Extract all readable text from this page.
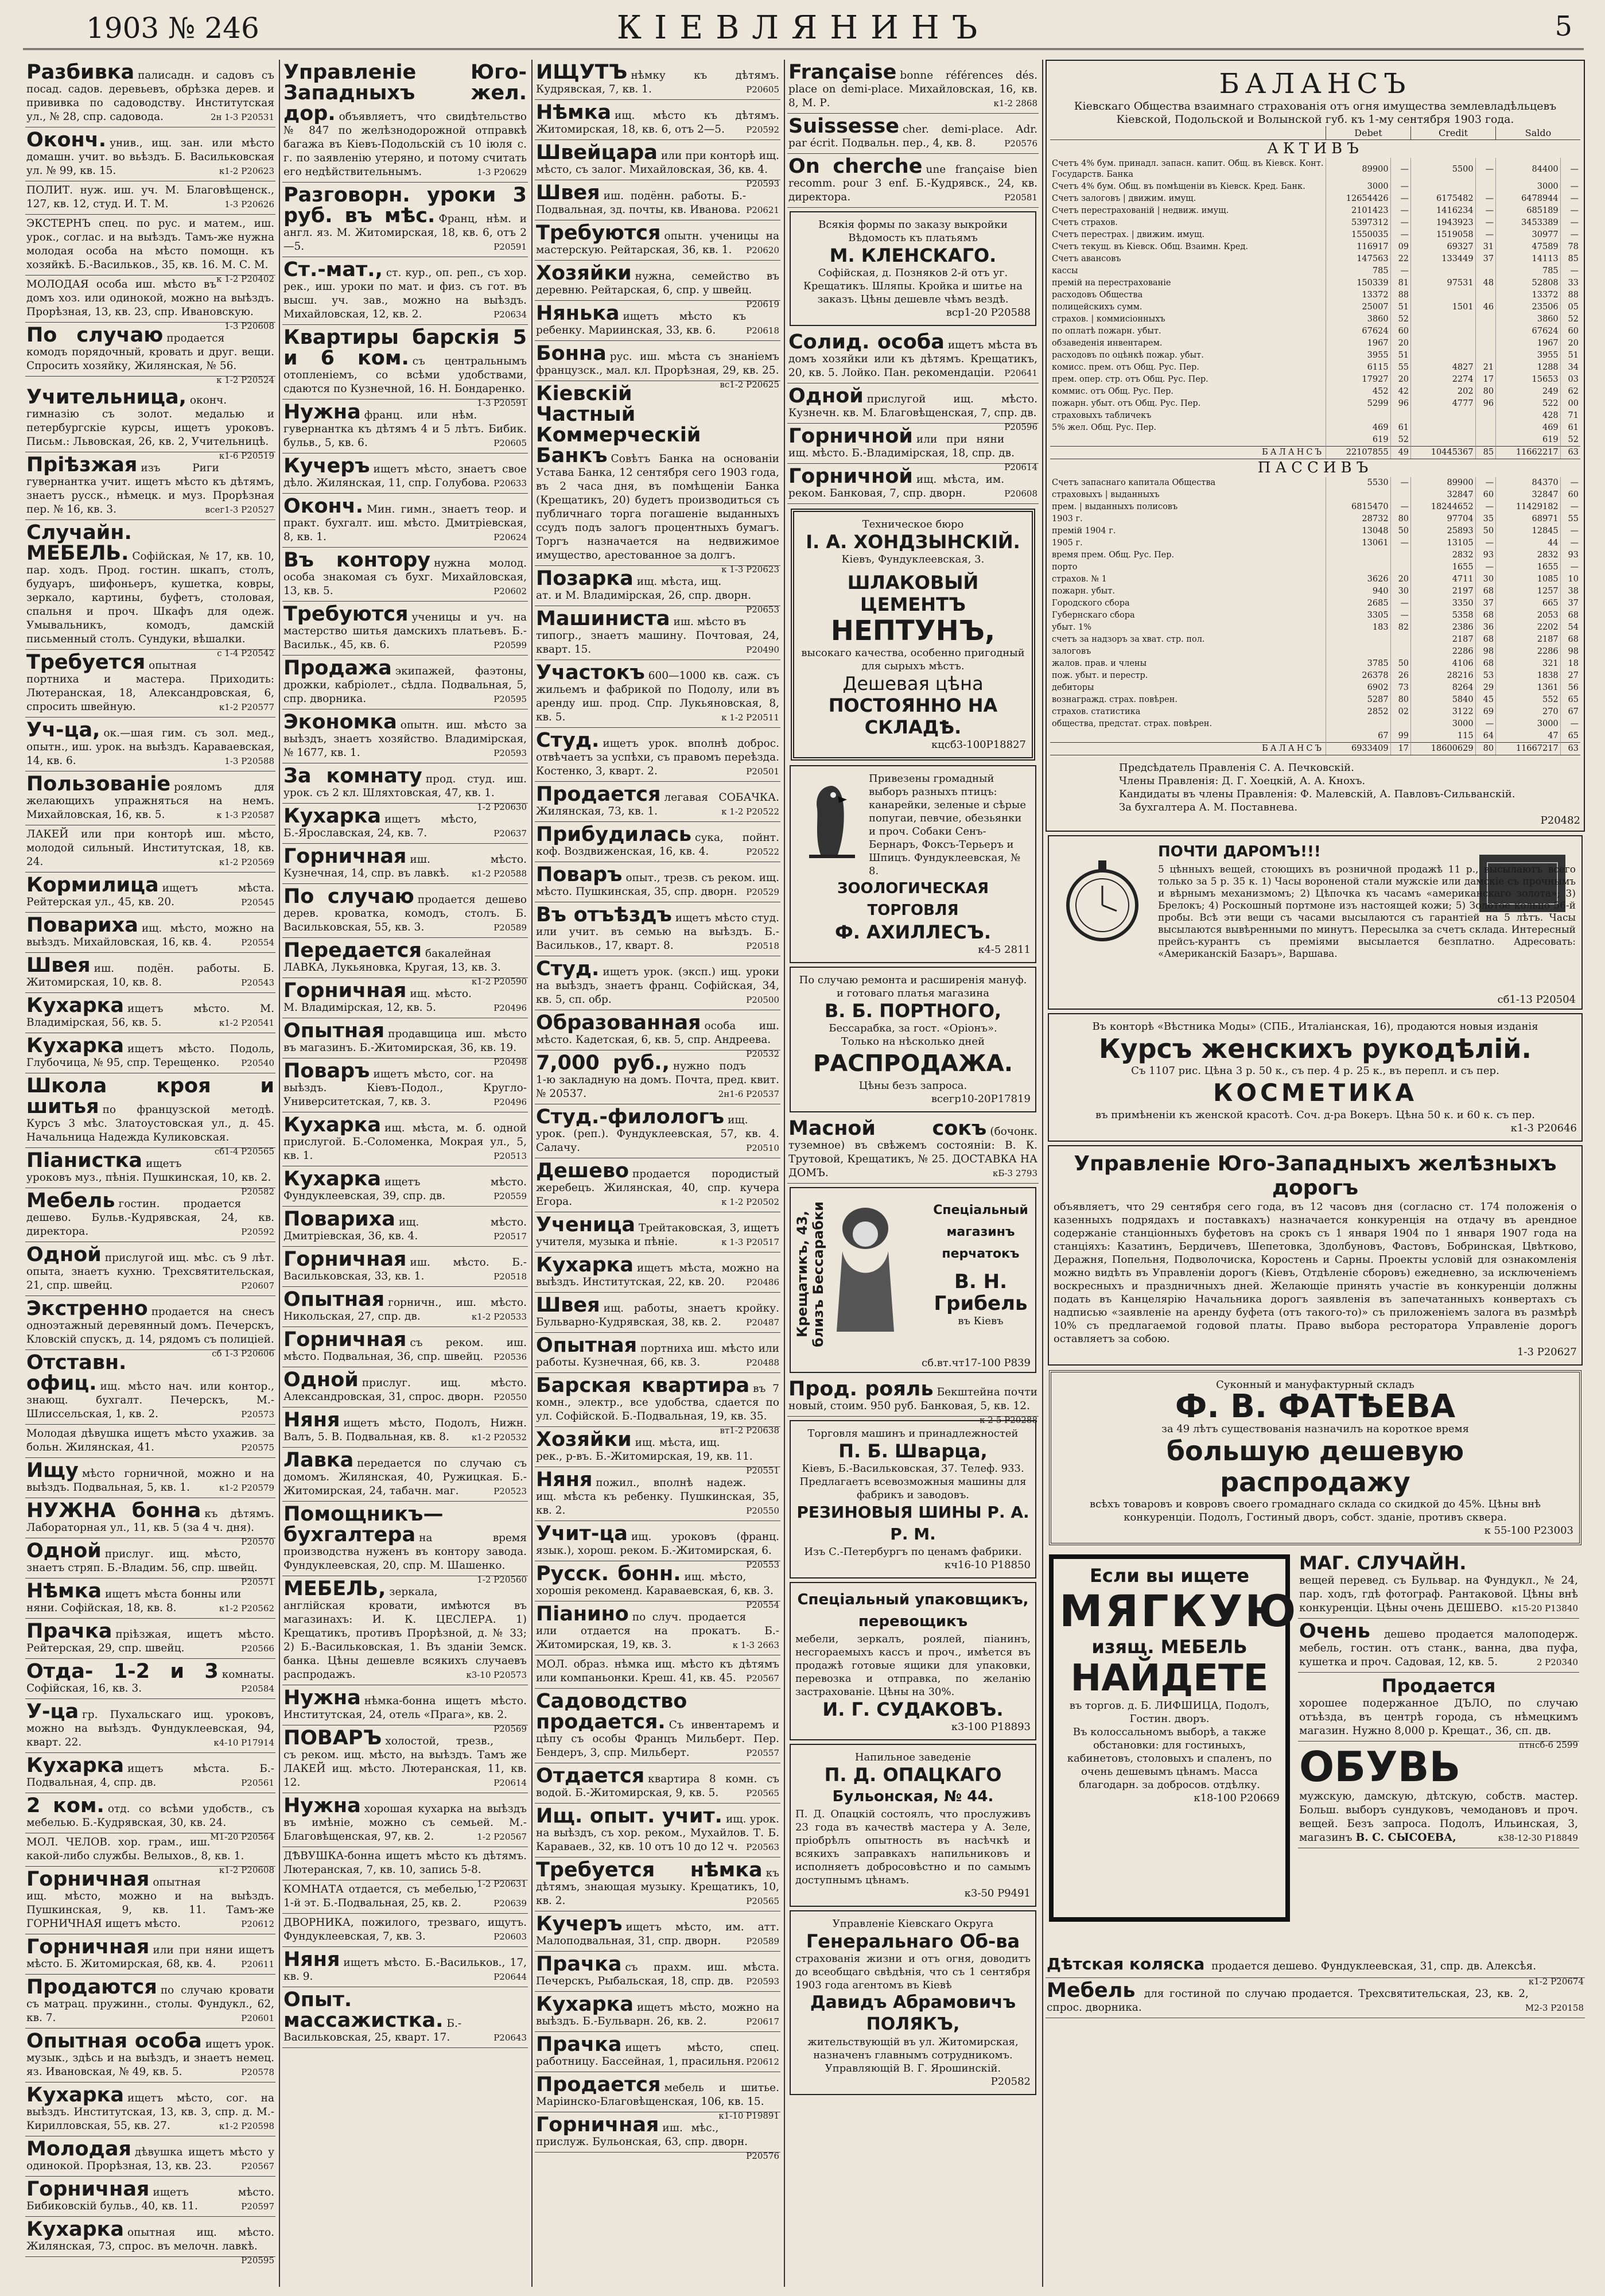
1903 № 246	КІЕВЛЯНИНЪ	5
Разбивка палисадн. и садовъ съ посад. садов. деревьевъ, обрѣзка дерев. и прививка по садоводству. Институтская ул., № 28, спр. садовода.	2н 1-3 Р20531
Оконч. унив., ищ. зан. или мѣсто домашн. учит. во вьѣздъ. Б. Васильковская ул. № 99, кв. 15.	к1-2 Р20623
ПОЛИТ. нуж. иш. уч. М. Благовѣщенск., 127, кв. 12, студ. И. Т. М.	1-3 Р20626
ЭКСТЕРНЪ спец. по рус. и матем., иш. урок., соглас. и на выѣздъ. Тамъ-же нужна молодая особа на мѣсто помощн. къ хозяйкѣ. Б.-Васильков., 35, кв. 16. М. С. М.
к 1-2 Р20402
МОЛОДАЯ особа иш. мѣсто въ домъ хоз. или одинокой, можно на выѣздъ. Прорѣзная, 13, кв. 23, спр. Ивановскую.
1-3 Р20608
По случаю продается комодъ порядочный, кровать и друг. вещи. Спросить хозяйку, Жилянская, № 56.
к 1-2 Р20524
Учительница, оконч. гимназію съ золот. медалью и петербургскіе курсы, ищетъ уроковъ. Письм.: Львовская, 26, кв. 2, Учительницѣ.
к1-6 Р20519
Пріѣзжая изъ Риги гувернантка учит. ищетъ мѣсто къ дѣтямъ, знаетъ русск., нѣмецк. и муз. Прорѣзная пер. № 16, кв. 3.	всег1-3 Р20527
Случайн. МЕБЕЛЬ. Софійская, № 17, кв. 10, пар. ходъ. Прод. гостин. шкапъ, столъ, будуаръ, шифоньеръ, кушетка, ковры, зеркало, картины, буфетъ, столовая, спальня и проч. Шкафъ для одеж. Умывальникъ, комодъ, дамскій письменный столъ. Сундуки, вѣшалки.
с 1-4 Р20542
Требуется опытная портниха и мастера. Приходить: Лютеранская, 18, Александровская, 6, спросить швейную.	к1-2 Р20577
Уч-ца, ок.—шая гим. съ зол. мед., опытн., иш. урок. на выѣздъ. Караваевская, 14, кв. 6.	1-3 Р20588
Пользованіе рояломъ для желающихъ упражняться на немъ. Михайловская, 16, кв. 5.	к 1-3 Р20587
ЛАКЕЙ или при конторѣ иш. мѣсто, молодой сильный. Институтская, 18, кв. 24.	к1-2 Р20569
Кормилица ищетъ мѣста. Рейтерская ул., 45, кв. 20.	Р20545
Повариха ищ. мѣсто, можно на выѣздъ. Михайловская, 16, кв. 4.	Р20554
Швея иш. подён. работы. Б. Житомирская, 10, кв. 8.	Р20543
Кухарка ищетъ мѣсто. М. Владимірская, 56, кв. 5.	к1-2 Р20541
Кухарка ищетъ мѣсто. Подоль, Глубочица, № 95, спр. Терещенко.	Р20540
Школа кроя и шитья по французской методѣ. Курсъ 3 мѣс. Златоустовская ул., д. 45. Начальница Надежда Куликовская.
сб1-4 Р20565
Піанистка ищетъ уроковъ муз., пѣнія. Пушкинская, 10, кв. 2.
Р20582
Мебель гостин. продается дешево. Бульв.-Кудрявская, 24, кв. директора.	Р20592
Одной прислугой ищ. мѣс. съ 9 лѣт. опыта, знаетъ кухню. Трехсвятительская, 21, спр. швейц.	Р20607
Экстренно продается на снесъ одноэтажный деревянный домъ. Печерскъ, Кловскій спускъ, д. 14, рядомъ съ полиціей.
сб 1-3 Р20606
Отставн. офиц. ищ. мѣсто нач. или контор., знающ. бухгалт. Печерскъ, М.-Шлиссельская, 1, кв. 2.	Р20573
Молодая дѣвушка ищетъ мѣсто ухажив. за больн. Жилянская, 41.	Р20575
Ищу мѣсто горничной, можно и на выѣздъ. Подвальная, 5, кв. 1.	к1-2 Р20579
НУЖНА бонна къ дѣтямъ. Лабораторная ул., 11, кв. 5 (за 4 ч. дня).
Р20570
Одной прислуг. ищ. мѣсто, знаетъ стряп. Б.-Владим. 56, спр. швейц.
Р20571
Нѣмка ищетъ мѣста бонны или няни. Софійская, 18, кв. 8.	к1-2 Р20562
Прачка пріѣзжая, ищетъ мѣсто. Рейтерская, 29, спр. швейц.	Р20566
Отда- 1-2 и 3 комнаты. Софійская, 16, кв. 3.	Р20584
У-ца гр. Пухальскаго ищ. уроковъ, можно на выѣздъ. Фундуклеевская, 94, кварт. 22.	к4-10 Р17914
Кухарка ищетъ мѣста. Б.-Подвальная, 4, спр. дв.	Р20561
2 ком. отд. со всѣми удобств., съ мебелью. Б.-Кудрявская, 30, кв. 24.
М1-20 Р20564
МОЛ. ЧЕЛОВ. хор. грам., иш. какой-либо службы. Велыхов., 8, кв. 1.
к1-2 Р20608
Горничная опытная ищ. мѣсто, можно и на выѣздъ. Пушкинская, 9, кв. 11. Тамъ-же ГОРНИЧНАЯ ищетъ мѣсто.	Р20612
Горничная или при няни ищетъ мѣсто. Б. Житомирская, 68, кв. 4.	Р20611
Продаются по случаю кровати съ матрац. пружинн., столы. Фундукл., 62, кв. 7.	Р20601
Опытная особа ищетъ урок. музык., здѣсь и на выѣздъ, и знаетъ немец. яз. Ивановская, № 49, кв. 5.	Р20578
Кухарка ищетъ мѣсто, сог. на выѣздъ. Институтская, 13, кв. 3, спр. д. М.-Кирилловская, 55, кв. 27.	к1-2 Р20598
Молодая дѣвушка ищетъ мѣсто у одинокой. Прорѣзная, 13, кв. 23.	Р20567
Горничная ищетъ мѣсто. Бибиковскій бульв., 40, кв. 11.	Р20597
Кухарка опытная ищ. мѣсто. Жилянская, 73, спрос. въ мелочн. лавкѣ.
Р20595
Управленіе Юго-Западныхъ жел. дор. объявляетъ, что свидѣтельство № 847 по желѣзнодорожной отправкѣ багажа въ Кіевъ-Подольскій съ 10 іюля с. г. по заявленію утеряно, и потому считать его недѣйствительнымъ.	1-3 Р20629
Разговорн. уроки 3 руб. въ мѣс. Франц, нѣм. и англ. яз. М. Житомирская, 18, кв. 6, отъ 2—5.	Р20591
Ст.-мат., ст. кур., оп. реп., съ хор. рек., иш. уроки по мат. и физ. съ гот. въ высш. уч. зав., можно на выѣздъ. Михайловская, 12, кв. 2.	Р20634
Квартиры барскія 5 и 6 ком. съ центральнымъ отопленіемъ, со всѣми удобствами, сдаются по Кузнечной, 16. Н. Бондаренко.
1-3 Р20591
Нужна франц. или нѣм. гувернантка къ дѣтямъ 4 и 5 лѣтъ. Бибик. бульв., 5, кв. 6.	Р20605
Кучеръ ищетъ мѣсто, знаетъ свое дѣло. Жилянская, 11, спр. Голубова. Р20633
Оконч. Мин. гимн., знаетъ теор. и практ. бухгалт. иш. мѣсто. Дмитріевская, 8, кв. 1.	Р20624
Въ контору нужна молод. особа знакомая съ бухг. Михайловская, 13, кв. 5.	Р20602
Требуются ученицы и уч. на мастерство шитья дамскихъ платьевъ. Б.-Васильк., 45, кв. 6.	Р20599
Продажа экипажей, фаэтоны, дрожки, кабріолет., сѣдла. Подвальная, 5, спр. дворника.	Р20595
Экономка опытн. иш. мѣсто за выѣздъ, знаетъ хозяйство. Владимірская, № 1677, кв. 1.	Р20593
За комнату прод. студ. иш. урок. съ 2 кл. Шляхтовская, 47, кв. 1.
1-2 Р20630
Кухарка ищетъ мѣсто, Б.-Ярославская, 24, кв. 7.	Р20637
Горничная иш. мѣсто. Кузнечная, 14, спр. въ лавкѣ.	к1-2 Р20588
По случаю продается дешево дерев. кроватка, комодъ, столъ. Б. Васильковская, 55, кв. 3.	Р20589
Передается бакалейная ЛАВКА, Лукьяновка, Кругая, 13, кв. 3.
к1-2 Р20590
Горничная ищ. мѣсто. М. Владимірская, 12, кв. 5.	Р20496
Опытная продавщица иш. мѣсто въ магазинъ. Б.-Житомирская, 36, кв. 19.
Р20498
Поваръ ищетъ мѣсто, сог. на выѣздъ. Кіевъ-Подол., Кругло-Университетская, 7, кв. 3.	Р20496
Кухарка ищ. мѣста, м. б. одной прислугой. Б.-Соломенка, Мокрая ул., 5, кв. 1.	Р20513
Кухарка ищетъ мѣсто. Фундуклеевская, 39, спр. дв.	Р20559
Повариха ищ. мѣсто. Дмитріевская, 36, кв. 4.	Р20517
Горничная иш. мѣсто. Б.-Васильковская, 33, кв. 1.	Р20518
Опытная горничн., иш. мѣсто. Никольская, 27, спр. дв.	к1-2 Р20533
Горничная съ реком. иш. мѣсто. Подвальная, 36, спр. швейц. Р20536
Одной прислуг. ищ. мѣсто. Александровская, 31, спрос. дворн. Р20550
Няня ищетъ мѣсто, Подолъ, Нижн. Валъ, 5. В. Подвальная, кв. 8.	к1-2 Р20532
Лавка передается по случаю съ домомъ. Жилянская, 40, Ружицкая. Б.-Житомирская, 24, табачн. маг.	Р20523
Помощникъ—бухгалтера на время производства нуженъ въ контору завода. Фундуклеевская, 20, спр. М. Шашенко.
1-2 Р20560
МЕБЕЛЬ, зеркала, англійская кровати, имѣются въ магазинахъ: И. К. ЦЕСЛЕРА. 1) Крещатикъ, противъ Прорѣзной, д. № 33; 2) Б.-Васильковская, 1. Въ зданіи Земск. банка. Цѣны дешевле всякихъ случаевъ распродажъ.	к3-10 Р20573
Нужна нѣмка-бонна ищетъ мѣсто. Институтская, 24, отель «Прага», кв. 2.
Р20569
ПОВАРЪ холостой, трезв., съ реком. ищ. мѣсто, на выѣздъ. Тамъ же ЛАКЕЙ ищ. мѣсто. Лютеранская, 11, кв. 12.	Р20614
Нужна хорошая кухарка на выѣздъ въ имѣніе, можно съ семьей. М.-Благовѣщенская, 97, кв. 2.	1-2 Р20567
ДѢВУШКА-бонна ищетъ мѣсто къ дѣтямъ. Лютеранская, 7, кв. 10, запись 5-8.
1-2 Р20631
КОМНАТА отдается, съ мебелью, 1-й эт. Б.-Подвальная, 25, кв. 2.	Р20639
ДВОРНИКА, пожилого, трезваго, ищутъ. Фундуклеевская, 7, кв. 3.	Р20603
Няня ищетъ мѣсто. Б.-Васильков., 17, кв. 9.	Р20644
Опыт. массажистка. Б.-Васильковская, 25, кварт. 17.	Р20643
ИЩУТЪ нѣмку къ дѣтямъ. Кудрявская, 7, кв. 1.	Р20605
Нѣмка ищ. мѣсто къ дѣтямъ. Житомирская, 18, кв. 6, отъ 2—5. Р20592
Швейцара или при конторѣ ищ. мѣсто, съ залог. Михайловская, 36, кв. 4.
Р20593
Швея иш. подённ. работы. Б.-Подвальная, зд. почты, кв. Иванова. Р20621
Требуются опытн. ученицы на мастерскую. Рейтарская, 36, кв. 1. Р20620
Хозяйки нужна, семейство въ деревню. Рейтарская, 6, спр. у швейц.
Р20619
Нянька ищетъ мѣсто къ ребенку. Мариинская, 33, кв. 6.	Р20618
Бонна рус. иш. мѣста съ знанiемъ французск., мал. кл. Прорѣзная, 29, кв. 25.
вс1-2 Р20625
Кіевскій Частный Коммерческій Банкъ Совѣтъ Банка на основаніи Устава Банка, 12 сентября сего 1903 года, въ 2 часа дня, въ помѣщеніи Банка (Крещатикъ, 20) будетъ производиться съ публичнаго торга погашеніе выданныхъ ссудъ подъ залогъ процентныхъ бумагъ. Торгъ назначается на недвижимое имущество, арестованное за долгъ.
к 1-3 Р20623
Позарка ищ. мѣста, ищ. ат. и М. Владимірская, 26, спр. дворн.
Р20653
Машиниста иш. мѣсто въ типогр., знаетъ машину. Почтовая, 24, кварт. 15.	Р20490
Участокъ 600—1000 кв. саж. съ жильемъ и фабрикой по Подолу, или въ аренду иш. прод. Спр. Лукьяновская, 8, кв. 5.	к 1-2 Р20511
Студ. ищетъ урок. вполнѣ доброс. отвѣчаетъ за успѣхи, съ правомъ переѣзда. Костенко, 3, кварт. 2.	Р20501
Продается легавая СОБАЧКА. Жилянская, 73, кв. 1.	к 1-2 Р20522
Прибудилась сука, пойнт. коф. Воздвиженская, 16, кв. 4.	Р20522
Поваръ опыт., трезв. съ реком. ищ. мѣсто. Пушкинская, 35, спр. дворн. Р20529
Въ отъѣздъ ищетъ мѣсто студ. или учит. въ семью на выѣздъ. Б.-Васильков., 17, кварт. 8.	Р20518
Студ. ищетъ урок. (эксп.) ищ. уроки на выѣздъ, знаетъ франц. Софійская, 34, кв. 5, сп. обр.	Р20500
Образованная особа иш. мѣсто. Кадетская, 6, кв. 5, спр. Андреева.
Р20532
7,000 руб., нужно подъ 1-ю закладную на домъ. Почта, пред. квит. № 20537.	2н1-6 Р20537
Студ.-филологъ ищ. урок. (реп.). Фундуклеевская, 57, кв. 4. Салачу.	Р20510
Дешево продается породистый жеребецъ. Жилянская, 40, спр. кучера Егора.	к 1-2 Р20502
Ученица Трейтаковская, 3, ищетъ учителя, музыка и пѣніе.	к 1-3 Р20517
Кухарка ищетъ мѣста, можно на выѣздъ. Институтская, 22, кв. 20. Р20486
Швея ищ. работы, знаетъ кройку. Бульварно-Кудрявская, 38, кв. 2.	Р20487
Опытная портниха иш. мѣсто или работы. Кузнечная, 66, кв. 3.	Р20488
Барская квартира въ 7 комн., электр., все удобства, сдается по ул. Софійской. Б.-Подвальная, 19, кв. 35.
вт1-2 Р20638
Хозяйки ищ. мѣста, ищ. рек., р-въ. Б.-Житомирская, 19, кв. 11.
Р20551
Няня пожил., вполнѣ надеж. ищ. мѣста къ ребенку. Пушкинская, 35, кв. 2.	Р20550
Учит-ца ищ. уроковъ (франц. язык.), хорош. реком. Б.-Житомирская, 6.
Р20553
Русск. бонн. ищ. мѣсто, хорошія рекоменд. Караваевская, 6, кв. 3.
Р20554
Піанино по случ. продается или отдается на прокатъ. Б.-Житомирская, 19, кв. 3.	к 1-3 2663
МОЛ. образ. нѣмка ищ. мѣсто къ дѣтямъ или компаньонки. Креш. 41, кв. 45. Р20567
Садоводство продается. Съ инвентаремъ и цѣпу съ особы Францъ Мильберт. Пер. Бендеръ, 3, спр. Мильберт.	Р20557
Отдается квартира 8 комн. съ водой. Б.-Житомирская, 9, кв. 5.	Р20565
Ищ. опыт. учит. ищ. урок. на выѣздъ, съ хор. реком., Мухайлов. Т. Б. Караваев., 32, кв. 10 отъ 10 до 12 ч. Р20563
Требуется нѣмка къ дѣтямъ, знающая музыку. Крещатикъ, 10, кв. 2.	Р20565
Кучеръ ищетъ мѣсто, им. атт. Малоподвальная, 31, спр. дворн.	Р20589
Прачка съ прахм. иш. мѣста. Печерскъ, Рыбальская, 18, спр. дв. Р20593
Кухарка ищетъ мѣсто, можно на выѣздъ. Б.-Бульварн. 26, кв. 2.	Р20617
Прачка ищетъ мѣсто, спец. работницу. Бассейная, 1, прасильня. Р20612
Продается мебель и шитье. Маріинско-Благовѣщенская, 106, кв. 15.
к1-10 Р19891
Горничная иш. мѣс., прислуж. Бульонская, 63, спр. дворн.
Р20576
Française bonne références dés. place on demi-place. Михайловская, 16, кв. 8, М. Р.	к1-2 2868
Suissesse cher. demi-place. Adr. par écrit. Подвальн. пер., 4, кв. 8.	Р20576
On cherche une française bien recomm. pour 3 enf. Б.-Кудрявск., 24, кв. директора.	Р20581
Всякія формы по заказу выкройки Вѣдомость къ платьямъ
М. КЛЕНСКАГО.
Софійская, д. Позняков 2-й отъ уг. Крещатикъ. Шляпы. Кройка и шитье на заказъ. Цѣны дешевле чѣмъ вездѣ.
вср1-20 Р20588
Солид. особа ищетъ мѣста въ домъ хозяйки или къ дѣтямъ. Крещатикъ, 20, кв. 5. Лойко. Пан. рекомендаціи. Р20641
Одной прислугой ищ. мѣсто. Кузнечн. кв. М. Благовѣщенская, 7, спр. дв.
Р20596
Горничной или при няни ищ. мѣсто. Б.-Владимірская, 18, спр. дв.
Р20614
Горничной ищ. мѣста, им. реком. Банковая, 7, спр. дворн.	Р20608
Техническое бюро
І. А. ХОНДЗЫНСКІЙ.
Кіевъ, Фундуклеевская, 3.
ШЛАКОВЫЙ ЦЕМЕНТЪ
НЕПТУНЪ,
высокаго качества, особенно пригодный для сырыхъ мѣстъ.
Дешевая цѣна
ПОСТОЯННО НА СКЛАДѢ.
кцсб3-100Р18827
Привезены громадный выборъ разныхъ птицъ: канарейки, зеленые и сѣрые попугаи, певчие, обезьянки и проч. Собаки Сенъ-Бернаръ, Фоксъ-Терьеръ и Шпицъ. Фундуклеевская, № 8.
ЗООЛОГИЧЕСКАЯ ТОРГОВЛЯ
Ф. АХИЛЛЕСЪ.
к4-5 2811
По случаю ремонта и расширенія мануф. и готоваго платья магазина
В. Б. ПОРТНОГО,
Бессарабка, за гост. «Оріонъ».
Только на нѣсколько дней
РАСПРОДАЖА.
Цѣны безъ запроса.
всегр10-20Р17819
Масной сокъ (бочонк. туземное) въ свѣжемъ состояніи: В. К. Трутовой, Крещатикъ, № 25. ДОСТАВКА НА ДОМЪ.	кБ-3 2793
Крещатикъ, 43, близъ Бессарабки	Спеціальный магазинъ перчатокъ
В. Н. Грибель
въ Кіевъ
сб.вт.чт17-100 Р839
Прод. рояль Бекштейна почти новый, стоим. 950 руб. Банковая, 5, кв. 12.
к 2-5 Р20288
Торговля машинъ и принадлежностей
П. Б. Шварца,
Кіевъ, Б.-Васильковская, 37. Телеф. 933. Предлагаетъ всевозможныя машины для фабрикъ и заводовъ.
РЕЗИНОВЫЯ ШИНЫ Р. А. Р. М.
Изъ С.-Петербургъ по ценамъ фабрики.
кч16-10 Р18850
Спеціальный упаковщикъ, перевощикъ
мебели, зеркалъ, роялей, піанинъ, несгораемыхъ кассъ и проч., имѣется въ продажѣ готовые ящики для упаковки, перевозка и отправка, по желанію застрахованіе. Цѣны на 30%.
И. Г. СУДАКОВЪ.
к3-100 Р18893
Напильное заведеніе
П. Д. ОПАЦКАГО
Бульонская, № 44.
П. Д. Опацкій состоялъ, что прослуживъ 23 года въ качествѣ мастера у А. Зеле, пріобрѣлъ опытность въ насѣчкѣ и всякихъ заправкахъ напильниковъ и исполняетъ добросовѣстно и по самымъ доступнымъ цѣнамъ.
к3-50 Р9491
Управленіе Кіевскаго Округа
Генеральнаго Об-ва
страхованія жизни и отъ огня, доводитъ до всеобщаго свѣдѣнія, что съ 1 сентября 1903 года агентомъ въ Кіевѣ
Давидъ Абрамовичъ ПОЛЯКЪ,
жительствующій въ ул. Житомирская, назначенъ главнымъ сотрудникомъ.
Управляющій В. Г. Ярошинскій.
Р20582
БАЛАНСЪ
Кіевскаго Общества взаимнаго страхованія отъ огня имущества землевладѣльцевъ Кіевской, Подольской и Волынской губ. къ 1-му сентября 1903 года.
	Debet		Credit		Saldo	
АКТИВЪ						
Счетъ 4% бум. принадл. запасн. капит. Общ. въ Кіевск. Конт. Государств. Банка	89900	—	5500	—	84400	—
Счетъ 4% бум. Общ. въ помѣщеніи въ Кіевск. Кред. Банк.	3000	—			3000	—
Счетъ залоговъ | движим. имущ.	12654426	—	6175482	—	6478944	—
Счетъ перестрахованій | недвиж. имущ.	2101423	—	1416234	—	685189	—
Счетъ страхов.	5397312	—	1943923	—	3453389	—
Счетъ перестрах. | движим. имущ.	1550035	—	1519058	—	30977	—
Счетъ текущ. въ Кіевск. Общ. Взаимн. Кред.	116917	09	69327	31	47589	78
Счетъ авансовъ	147563	22	133449	37	14113	85
кассы	785	—			785	—
премій на перестрахованіе	150339	81	97531	48	52808	33
расходовъ Общества	13372	88			13372	88
полицейскихъ сумм.	25007	51	1501	46	23506	05
страхов. | коммисіонныхъ	3860	52			3860	52
по оплатѣ пожарн. убыт.	67624	60			67624	60
обзаведенія инвентарем.	1967	20			1967	20
расходовъ по оцѣнкѣ пожар. убыт.	3955	51			3955	51
комисс. прем. отъ Общ. Рус. Пер.	6115	55	4827	21	1288	34
прем. опер. стр. отъ Общ. Рус. Пер.	17927	20	2274	17	15653	03
коммис. отъ Общ. Рус. Пер.	452	42	202	80	249	62
пожарн. убыт. отъ Общ. Рус. Пер.	5299	96	4777	96	522	00
страховыхъ табличекъ					428	71
5% жел. Общ. Рус. Пер.	469	61			469	61
	619	52			619	52
БАЛАНСЪ	22107855	49	10445367	85	11662217	63
ПАССИВЪ						
Счетъ запаснаго капитала Общества	5530	—	89900	—	84370	—
страховыхъ | выданныхъ			32847	60	32847	60
прем. | выданныхъ полисовъ	6815470	—	18244652	—	11429182	—
1903 г.	28732	80	97704	35	68971	55
премій 1904 г.	13048	50	25893	50	12845	—
1905 г.	13061	—	13105	—	44	—
время прем. Общ. Рус. Пер.			2832	93	2832	93
порто			1655	—	1655	—
страхов. № 1	3626	20	4711	30	1085	10
пожарн. убыт.	940	30	2197	68	1257	38
Городского сбора	2685	—	3350	37	665	37
Губернскаго сбора	3305	—	5358	68	2053	68
убыт. 1%	183	82	2386	36	2202	54
счетъ за надзоръ за хват. стр. пол.			2187	68	2187	68
залоговъ			2286	98	2286	98
жалов. прав. и члены	3785	50	4106	68	321	18
пож. убыт. и перестр.	26378	26	28216	53	1838	27
дебиторы	6902	73	8264	29	1361	56
вознагражд. страх. повѣрен.	5287	80	5840	45	552	65
страхов. статистика	2852	02	3122	69	270	67
общества, предстат. страх. повѣрен.			3000	—	3000	—
	67	99	115	64	47	65
БАЛАНСЪ	6933409	17	18600629	80	11667217	63
Предсѣдатель Правленія С. А. Печковскій.
Члены Правленія: Д. Г. Хоецкій, А. А. Кнохъ.
Кандидаты въ члены Правленія: Ф. Малевскій, А. Павловъ-Сильванскій.
За бухгалтера А. М. Поставнева.
Р20482
ПОЧТИ ДАРОМЪ!!!
5 цѣнныхъ вещей, стоющихъ въ розничной продажѣ 11 р., высылаютъ всего только за 5 р. 35 к. 1) Часы вороненой стали мужскіе или дамскіе съ прочнымъ и вѣрнымъ механизмомъ; 2) Цѣпочка къ часамъ «американскаго золота»; 3) Брелокъ; 4) Роскошный портмоне изъ настоящей кожи; 5) Золотое кольцо 56-й пробы. Всѣ эти вещи съ часами высылаются съ гарантіей на 5 лѣтъ. Часы высылаются вывѣренными по минутъ. Пересылка за счетъ склада. Интересный прейсъ-курантъ съ преміями высылается безплатно. Адресовать: «Американскій Базаръ», Варшава.
сб1-13 Р20504
Въ конторѣ «Вѣстника Моды» (СПБ., Италіанская, 16), продаются новыя изданія
Курсъ женскихъ рукодѣлій.
Съ 1107 рис. Цѣна 3 р. 50 к., съ пер. 4 р. 25 к., въ перепл. и съ пер.
КОСМЕТИКА
въ примѣненіи къ женской красотѣ. Соч. д-ра Вокеръ. Цѣна 50 к. и 60 к. съ пер.
к1-3 Р20646
Управленіе Юго-Западныхъ желѣзныхъ дорогъ
объявляетъ, что 29 сентября сего года, въ 12 часовъ дня (согласно ст. 174 положенія о казенныхъ подрядахъ и поставкахъ) назначается конкуренція на отдачу въ арендное содержаніе станціонныхъ буфетовъ на срокъ съ 1 января 1904 по 1 января 1907 года на станціяхъ: Казатинъ, Бердичевъ, Шепетовка, Здолбуновъ, Фастовъ, Бобринская, Цвѣтково, Деражня, Попельня, Подволочиска, Коростень и Сарны. Проекты условій для ознакомленія можно видѣть въ Управленіи дорогъ (Кіевъ, Отдѣленіе сборовъ) ежедневно, за исключеніемъ воскресныхъ и праздничныхъ дней. Желающіе принять участіе въ конкуренціи должны подать въ Канцелярію Начальника дорогъ заявленія въ запечатанныхъ конвертахъ съ надписью «заявленіе на аренду буфета (отъ такого-то)» съ приложеніемъ залога въ размѣрѣ 10% съ предлагаемой годовой платы. Право выбора ресторатора Управленіе дорогъ оставляетъ за собою.
1-3 Р20627
Суконный и мануфактурный складъ
Ф. В. ФАТѢЕВА
за 49 лѣтъ существованія назначилъ на короткое время
большую дешевую
распродажу
всѣхъ товаровъ и ковровъ своего громаднаго склада со скидкой до 45%. Цѣны внѣ конкуренціи. Подолъ, Гостиный дворъ, собст. зданіе, противъ сквера.
к 55-100 Р23003
Если вы ищете
МЯГКУЮ
изящ. МЕБЕЛЬ
НАЙДЕТЕ
въ торгов. д. Б. ЛИФШИЦА, Подолъ, Гостин. дворъ.
Въ колоссальномъ выборѣ, а также обстановки: для гостиныхъ, кабинетовъ, столовыхъ и спаленъ, по очень дешевымъ цѣнамъ. Масса благодарн. за добросов. отдѣлку.
к18-100 Р20669
МАГ. СЛУЧАЙН.
вещей перевед. съ Бульвар. на Фундукл., № 24, пар. ходъ, гдѣ фотограф. Рантаковой. Цѣны внѣ конкуренціи. Цѣны очень ДЕШЕВО. к15-20 Р13840
Очень дешево продается малоподерж. мебель, гостин. отъ станк., ванна, два пуфа, кушетка и проч. Садовая, 12, кв. 5.	2 Р20340
Продается
хорошее подержанное ДЪЛО, по случаю отъѣзда, въ центрѣ города, съ нѣмецкимъ магазин. Нужно 8,000 р. Крещат., 36, сп. дв.
птнсб-6 2599
ОБУВЬ
мужскую, дамскую, дѣтскую, собств. мастер. Больш. выборъ сундуковъ, чемодановъ и проч. вещей. Безъ запроса. Подолъ, Ильинская, 3, магазинъ В. С. СЫСОЕВА,	к38-12-30 Р18849
Дѣтская коляска продается дешево. Фундуклеевская, 31, спр. дв. Алексѣя.
к1-2 Р20674
Мебель для гостиной по случаю продается. Трехсвятительская, 23, кв. 2, спрос. дворника.	М2-3 Р20158
